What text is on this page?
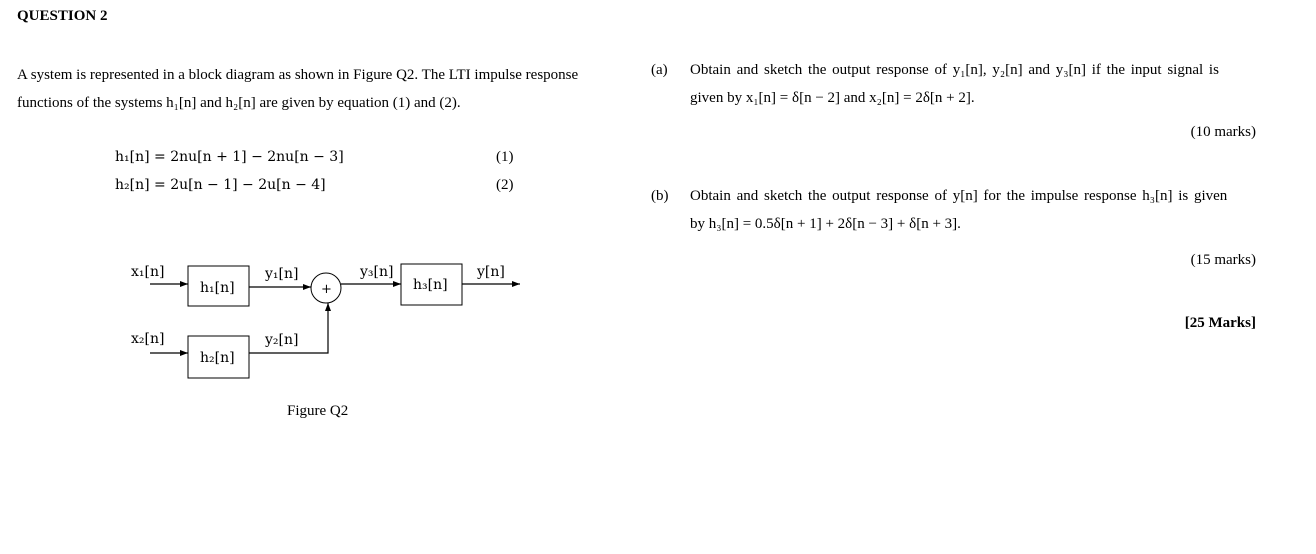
QUESTION 2
A system is represented in a block diagram as shown in Figure Q2. The LTI impulse response
functions of the systems h₁[n] and h₂[n] are given by equation (1) and (2).
h₁[n] = 2nu[n + 1] − 2nu[n − 3]	(1)
h₂[n] = 2u[n − 1] − 2u[n − 4]	(2)
h₁[n]	+
h₂[n]
h₃[n]
x₁[n]
x₂[n]
y₁[n]
y₂[n]
y₃[n]	y[n]
Figure Q2
(a) Obtain and sketch the output response of y₁[n], y₂[n] and y₃[n] if the input signal is
given by x₁[n] = δ[n − 2] and x₂[n] = 2δ[n + 2].
(10 marks)
(b) Obtain and sketch the output response of y[n] for the impulse response h₃[n] is given
by h₃[n] = 0.5δ[n + 1] + 2δ[n − 3] + δ[n + 3].
(15 marks)
[25 Marks]
